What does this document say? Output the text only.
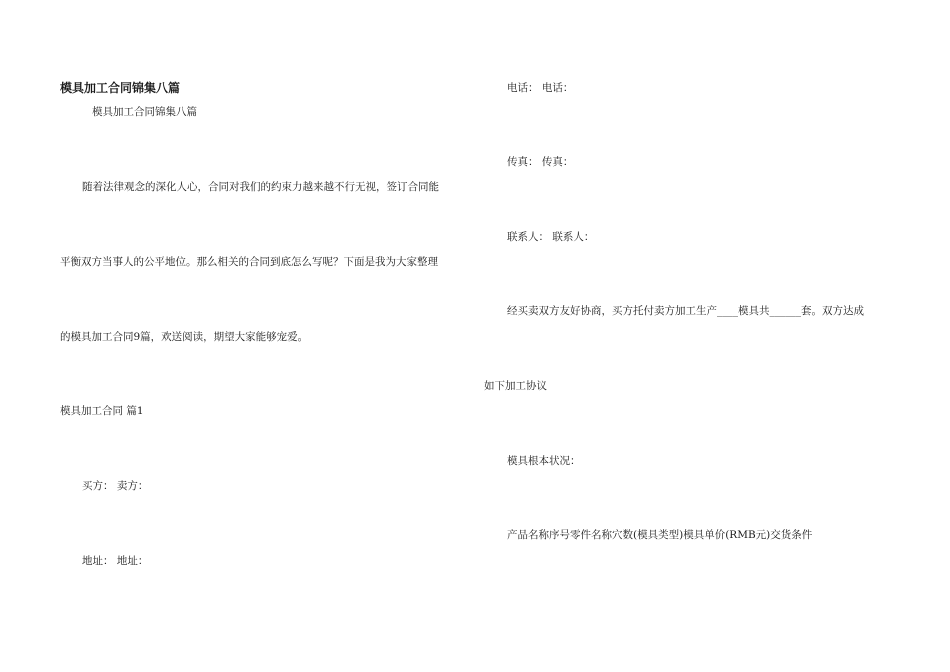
模具加工合同锦集八篇
模具加工合同锦集八篇
随着法律观念的深化人心，合同对我们的约束力越来越不行无视，签订合同能
平衡双方当事人的公平地位。那么相关的合同到底怎么写呢？下面是我为大家整理
的模具加工合同9篇，欢送阅读，期望大家能够宠爱。
模具加工合同 篇1
买方： 卖方：
地址： 地址：
电话： 电话：
传真： 传真：
联系人： 联系人：
经买卖双方友好协商，买方托付卖方加工生产____模具共______套。双方达成
如下加工协议
模具根本状况：
产品名称序号零件名称穴数(模具类型)模具单价(RMB元)交货条件
